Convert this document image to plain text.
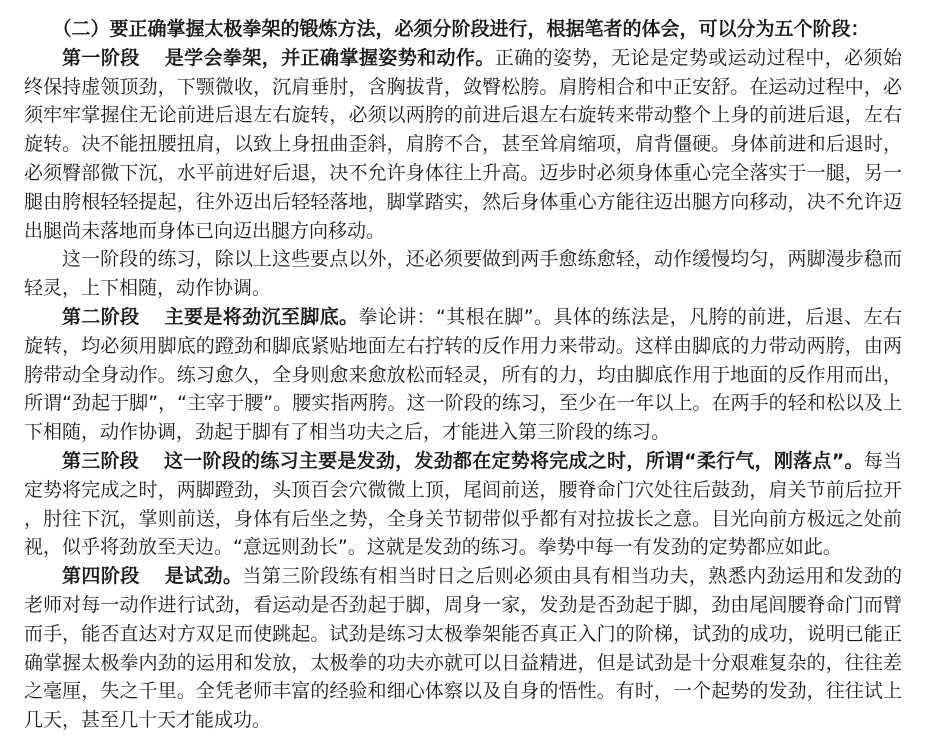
（二）要正确掌握太极拳架的锻炼方法，必须分阶段进行，根据笔者的体会，可以分为五个阶段：

第一阶段 是学会拳架，并正确掌握姿势和动作。正确的姿势，无论是定势或运动过程中，必须始终保持虚领顶劲，下颚微收，沉肩垂肘，含胸拔背，敛臀松胯。肩胯相合和中正安舒。在运动过程中，必须牢牢掌握住无论前进后退左右旋转，必须以两胯的前进后退左右旋转来带动整个上身的前进后退，左右旋转。决不能扭腰扭肩，以致上身扭曲歪斜，肩胯不合，甚至耸肩缩项，肩背僵硬。身体前进和后退时，必须臀部微下沉，水平前进好后退，决不允许身体往上升高。迈步时必须身体重心完全落实于一腿，另一腿由胯根轻轻提起，往外迈出后轻轻落地，脚掌踏实，然后身体重心方能往迈出腿方向移动，决不允许迈出腿尚未落地而身体已向迈出腿方向移动。

这一阶段的练习，除以上这些要点以外，还必须要做到两手愈练愈轻，动作缓慢均匀，两脚漫步稳而轻灵，上下相随，动作协调。

第二阶段 主要是将劲沉至脚底。拳论讲：“其根在脚”。具体的练法是，凡胯的前进，后退、左右旋转，均必须用脚底的蹬劲和脚底紧贴地面左右拧转的反作用力来带动。这样由脚底的力带动两胯，由两胯带动全身动作。练习愈久，全身则愈来愈放松而轻灵，所有的力，均由脚底作用于地面的反作用而出，所谓“劲起于脚”，“主宰于腰”。腰实指两胯。这一阶段的练习，至少在一年以上。在两手的轻和松以及上下相随，动作协调，劲起于脚有了相当功夫之后，才能进入第三阶段的练习。

第三阶段 这一阶段的练习主要是发劲，发劲都在定势将完成之时，所谓“柔行气，刚落点”。每当定势将完成之时，两脚蹬劲，头顶百会穴微微上顶，尾闾前送，腰脊命门穴处往后鼓劲，肩关节前后拉开，肘往下沉，掌则前送，身体有后坐之势，全身关节韧带似乎都有对拉拔长之意。目光向前方极远之处前视，似乎将劲放至天边。“意远则劲长”。这就是发劲的练习。拳势中每一有发劲的定势都应如此。

第四阶段 是试劲。当第三阶段练有相当时日之后则必须由具有相当功夫，熟悉内劲运用和发劲的老师对每一动作进行试劲，看运动是否劲起于脚，周身一家，发劲是否劲起于脚，劲由尾闾腰脊命门而臂而手，能否直达对方双足而使跳起。试劲是练习太极拳架能否真正入门的阶梯，试劲的成功，说明已能正确掌握太极拳内劲的运用和发放，太极拳的功夫亦就可以日益精进，但是试劲是十分艰难复杂的，往往差之毫厘，失之千里。全凭老师丰富的经验和细心体察以及自身的悟性。有时，一个起势的发劲，往往试上几天，甚至几十天才能成功。
